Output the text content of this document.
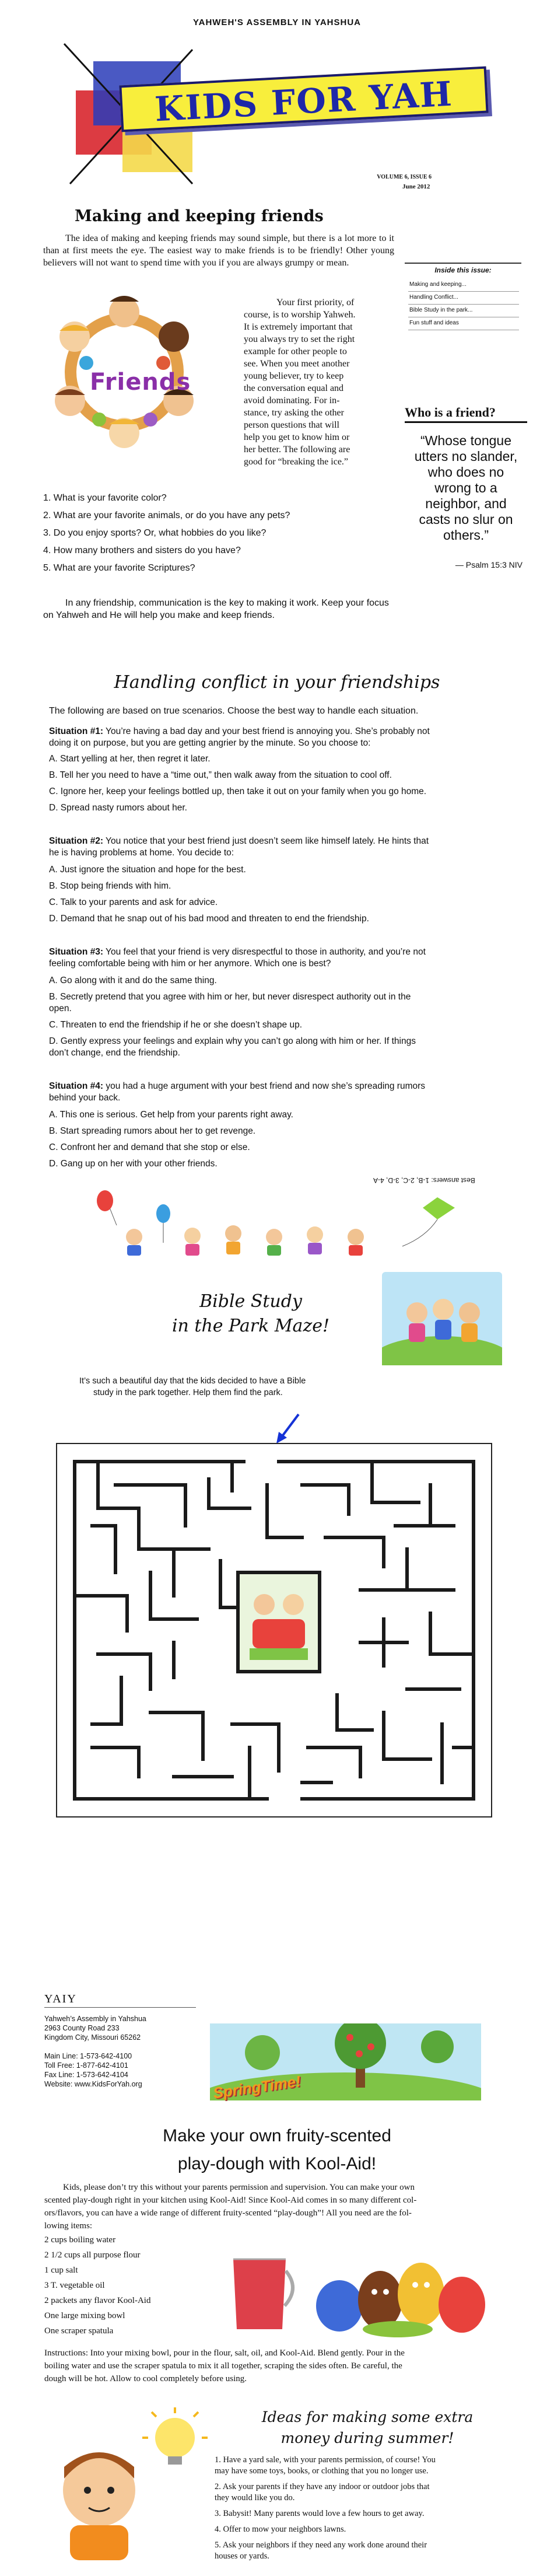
YAHWEH'S ASSEMBLY IN YAHSHUA
KIDS FOR YAH
VOLUME 6, ISSUE 6
June 2012
Making and keeping friends
The idea of making and keeping friends may sound simple, but there is a lot more to it than at first meets the eye. The easiest way to make friends is to be friendly! Other young believers will not want to spend time with you if you are always grumpy or mean.
Friends
Your first priority, of
course, is to worship Yahweh.
It is extremely important that
you always try to set the right
example for other people to
see. When you meet another
young believer, try to keep
the conversation equal and
avoid dominating. For in-
stance, try asking the other
person questions that will
help you get to know him or
her better. The following are
good for “breaking the ice.”
1. What is your favorite color?
2. What are your favorite animals, or do you have any pets?
3. Do you enjoy sports? Or, what hobbies do you like?
4. How many brothers and sisters do you have?
5. What are your favorite Scriptures?
In any friendship, communication is the key to making it work. Keep your focus on Yahweh and He will help you make and keep friends.
Inside this issue:
Making and keeping...
Handling Conflict...
Bible Study in the park...
Fun stuff and ideas
Who is a friend?
“Whose tongue
utters no slander,
who does no
wrong to a
neighbor, and
casts no slur on
others.”
— Psalm 15:3 NIV
Handling conflict in your friendships
The following are based on true scenarios. Choose the best way to handle each situation.
Situation #1: You’re having a bad day and your best friend is annoying you. She’s probably not
doing it on purpose, but you are getting angrier by the minute. So you choose to:
A. Start yelling at her, then regret it later.
B. Tell her you need to have a “time out,” then walk away from the situation to cool off.
C. Ignore her, keep your feelings bottled up, then take it out on your family when you go home.
D. Spread nasty rumors about her.
Situation #2: You notice that your best friend just doesn’t seem like himself lately. He hints that
he is having problems at home. You decide to:
A. Just ignore the situation and hope for the best.
B. Stop being friends with him.
C. Talk to your parents and ask for advice.
D. Demand that he snap out of his bad mood and threaten to end the friendship.
Situation #3: You feel that your friend is very disrespectful to those in authority, and you’re not
feeling comfortable being with him or her anymore. Which one is best?
A. Go along with it and do the same thing.
B. Secretly pretend that you agree with him or her, but never disrespect authority out in the
open.
C. Threaten to end the friendship if he or she doesn’t shape up.
D. Gently express your feelings and explain why you can’t go along with him or her. If things
don’t change, end the friendship.
Situation #4: you had a huge argument with your best friend and now she’s spreading rumors
behind your back.
A. This one is serious. Get help from your parents right away.
B. Start spreading rumors about her to get revenge.
C. Confront her and demand that she stop or else.
D. Gang up on her with your other friends.
Best answers: 1-B, 2-C, 3-D, 4-A
Bible Study
in the Park Maze!
It’s such a beautiful day that the kids decided to have a Bible
study in the park together. Help them find the park.
YAIY
Yahweh’s Assembly in Yahshua
2963 County Road 233
Kingdom City, Missouri 65262
Main Line: 1-573-642-4100
Toll Free: 1-877-642-4101
Fax Line: 1-573-642-4104
Website: www.KidsForYah.org	SpringTime!
Make your own fruity-scented
play-dough with Kool-Aid!
Kids, please don’t try this without your parents permission and supervision. You can make your own
scented play-dough right in your kitchen using Kool-Aid! Since Kool-Aid comes in so many different col-
ors/flavors, you can have a wide range of different fruity-scented “play-dough”! All you need are the fol-
lowing items:
2 cups boiling water
2 1/2 cups all purpose flour
1 cup salt
3 T. vegetable oil
2 packets any flavor Kool-Aid
One large mixing bowl
One scraper spatula
Instructions: Into your mixing bowl, pour in the flour, salt, oil, and Kool-Aid. Blend gently. Pour in the
boiling water and use the scraper spatula to mix it all together, scraping the sides often. Be careful, the
dough will be hot. Allow to cool completely before using.
Ideas for making some extra
money during summer!
1. Have a yard sale, with your parents permission, of course! You
may have some toys, books, or clothing that you no longer use.
2. Ask your parents if they have any indoor or outdoor jobs that
they would like you do.
3. Babysit! Many parents would love a few hours to get away.
4. Offer to mow your neighbors lawns.
5. Ask your neighbors if they need any work done around their
houses or yards.
